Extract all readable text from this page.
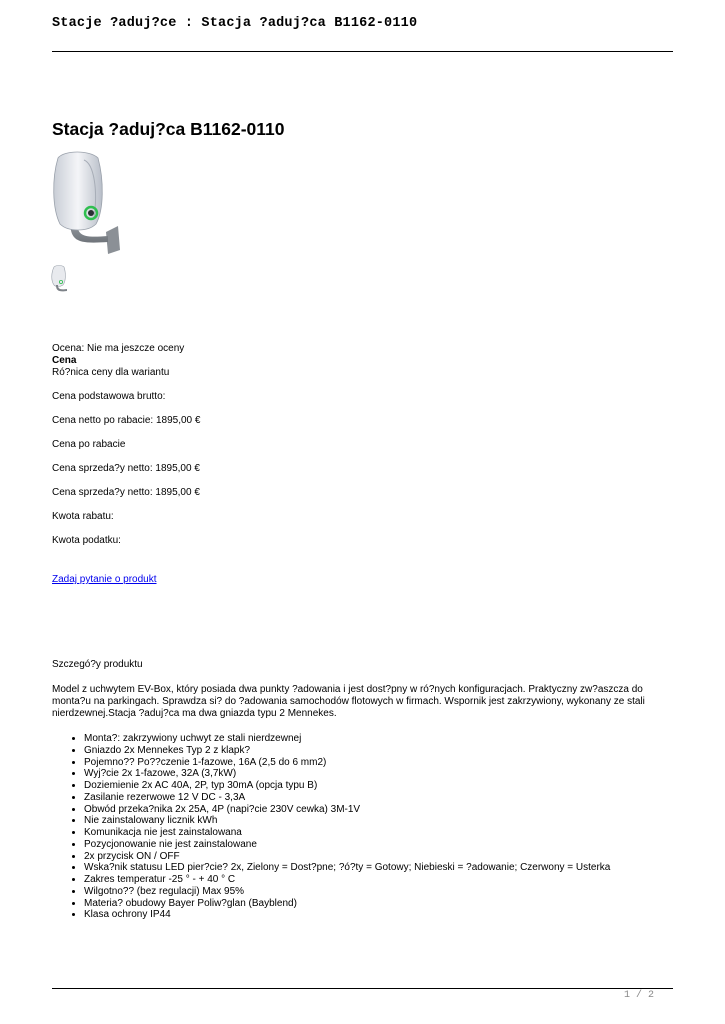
Stacje ?aduj?ce : Stacja ?aduj?ca B1162-0110
Stacja ?aduj?ca B1162-0110

Ocena: Nie ma jeszcze oceny

Cena

Ró?nica ceny dla wariantu

Cena podstawowa brutto:

Cena netto po rabacie: 1895,00 €

Cena po rabacie

Cena sprzeda?y netto: 1895,00 €

Cena sprzeda?y netto: 1895,00 €

Kwota rabatu:

Kwota podatku:

Zadaj pytanie o produkt
Szczegó?y produktu

Model z uchwytem EV-Box, który posiada dwa punkty ?adowania i jest dost?pny w ró?nych konfiguracjach. Praktyczny zw?aszcza do monta?u na parkingach. Sprawdza si? do ?adowania samochodów flotowych w firmach. Wspornik jest zakrzywiony, wykonany ze stali nierdzewnej.Stacja ?aduj?ca ma dwa gniazda typu 2 Mennekes.

• Monta?: zakrzywiony uchwyt ze stali nierdzewnej
• Gniazdo 2x Mennekes Typ 2 z klapk?
• Pojemno?? Po??czenie 1-fazowe, 16A (2,5 do 6 mm2)
• Wyj?cie 2x 1-fazowe, 32A (3,7kW)
• Doziemienie 2x AC 40A, 2P, typ 30mA (opcja typu B)
• Zasilanie rezerwowe 12 V DC - 3,3A
• Obwód przeka?nika 2x 25A, 4P (napi?cie 230V cewka) 3M-1V
• Nie zainstalowany licznik kWh
• Komunikacja nie jest zainstalowana
• Pozycjonowanie nie jest zainstalowane
• 2x przycisk ON / OFF
• Wska?nik statusu LED pier?cie? 2x, Zielony = Dost?pne; ?ó?ty = Gotowy; Niebieski = ?adowanie; Czerwony = Usterka
• Zakres temperatur -25 ° - + 40 ° C
• Wilgotno?? (bez regulacji) Max 95%
• Materia? obudowy Bayer Poliw?glan (Bayblend)
• Klasa ochrony IP44
1 / 2
